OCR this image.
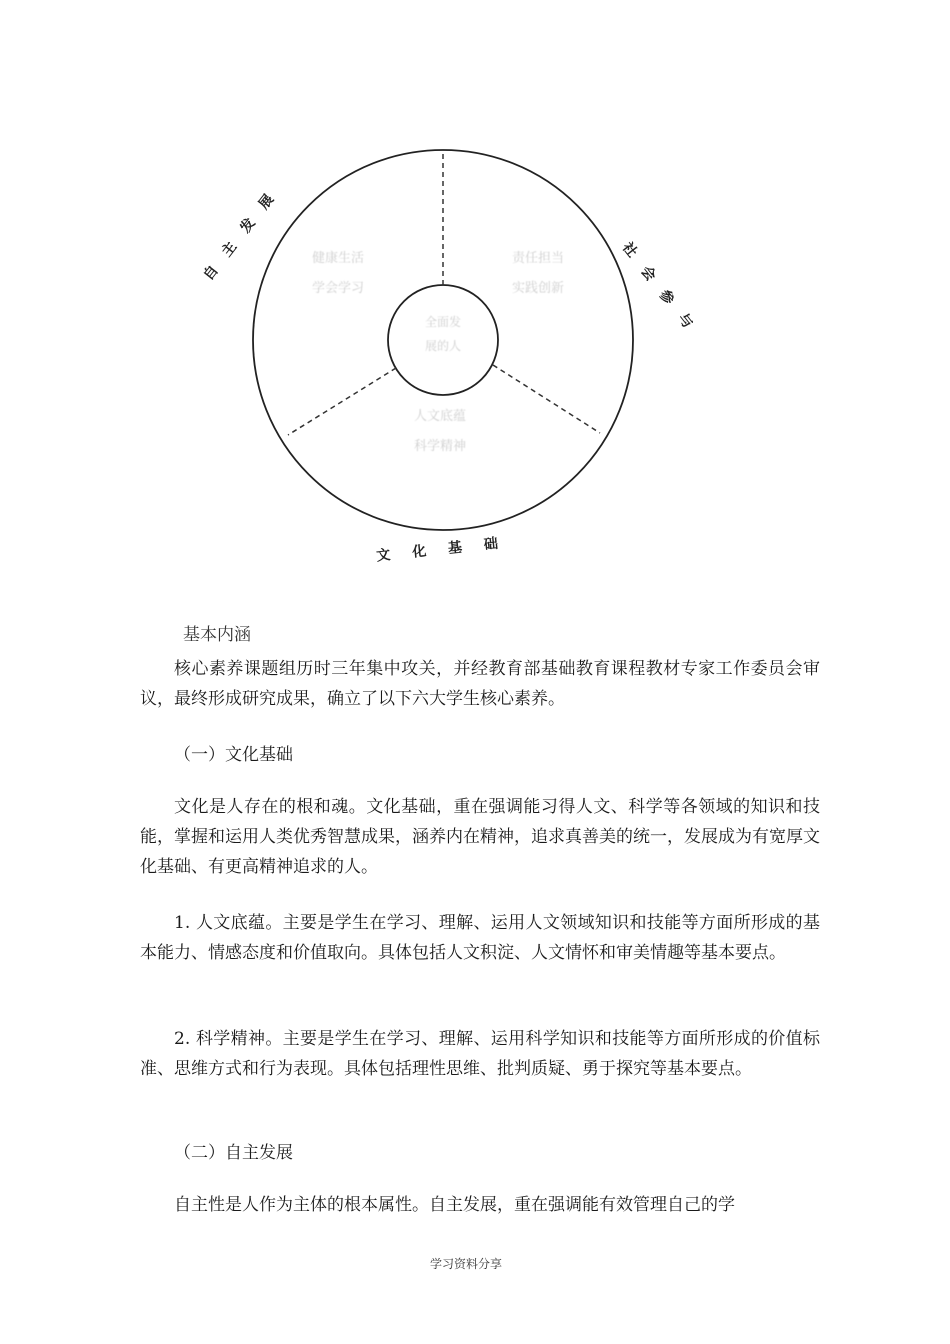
自主发展
社会参与
文化基础
全面发
展的人
健康生活
学会学习
责任担当
实践创新
人文底蕴
科学精神
基本内涵

核心素养课题组历时三年集中攻关，并经教育部基础教育课程教材专家工作委员会审议，最终形成研究成果，确立了以下六大学生核心素养。

（一）文化基础

文化是人存在的根和魂。文化基础，重在强调能习得人文、科学等各领域的知识和技能，掌握和运用人类优秀智慧成果，涵养内在精神，追求真善美的统一，发展成为有宽厚文化基础、有更高精神追求的人。

1. 人文底蕴。主要是学生在学习、理解、运用人文领域知识和技能等方面所形成的基本能力、情感态度和价值取向。具体包括人文积淀、人文情怀和审美情趣等基本要点。

2. 科学精神。主要是学生在学习、理解、运用科学知识和技能等方面所形成的价值标准、思维方式和行为表现。具体包括理性思维、批判质疑、勇于探究等基本要点。

（二）自主发展

自主性是人作为主体的根本属性。自主发展，重在强调能有效管理自己的学

学习资料分享
